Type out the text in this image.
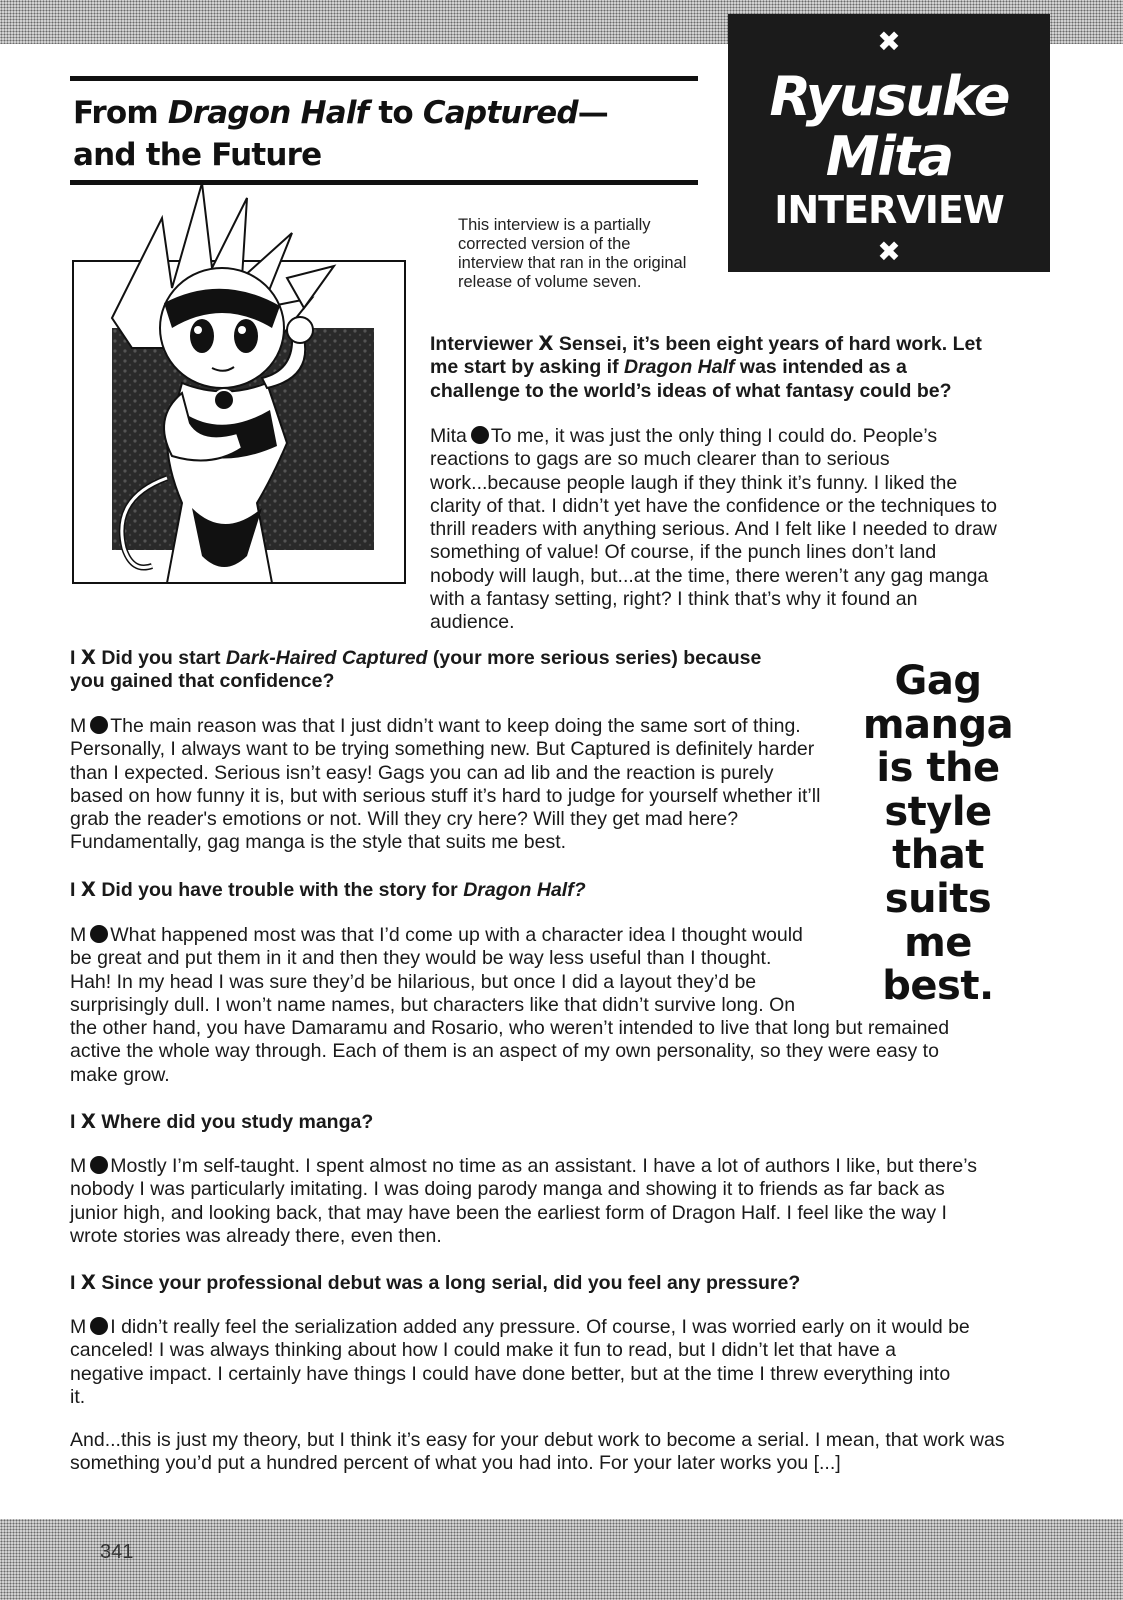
From Dragon Half to Captured—
and the Future
✖
Ryusuke
Mita
INTERVIEW
✖
This interview is a partially corrected version of the interview that ran in the original release of volume seven.

Interviewer X Sensei, it’s been eight years of hard work. Let me start by asking if Dragon Half was intended as a challenge to the world’s ideas of what fantasy could be?

Mita To me, it was just the only thing I could do. People’s reactions to gags are so much clearer than to serious work...because people laugh if they think it’s funny. I liked the clarity of that. I didn’t yet have the confidence or the techniques to thrill readers with anything serious. And I felt like I needed to draw something of value! Of course, if the punch lines don’t land nobody will laugh, but...at the time, there weren’t any gag manga with a fantasy setting, right? I think that’s why it found an audience.

I X Did you start Dark-Haired Captured (your more serious series) because you gained that confidence?

M The main reason was that I just didn’t want to keep doing the same sort of thing. Personally, I always want to be trying something new. But Captured is definitely harder than I expected. Serious isn’t easy! Gags you can ad lib and the reaction is purely based on how funny it is, but with serious stuff it’s hard to judge for yourself whether it’ll grab the reader's emotions or not. Will they cry here? Will they get mad here? Fundamentally, gag manga is the style that suits me best.

I X Did you have trouble with the story for Dragon Half?

M What happened most was that I’d come up with a character idea I thought would be great and put them in it and then they would be way less useful than I thought. Hah! In my head I was sure they’d be hilarious, but once I did a layout they’d be surprisingly dull. I won’t name names, but characters like that didn’t survive long. On the other hand, you have Damaramu and Rosario, who weren’t intended to live that long but remained active the whole way through. Each of them is an aspect of my own personality, so they were easy to make grow.

I X Where did you study manga?

M Mostly I’m self-taught. I spent almost no time as an assistant. I have a lot of authors I like, but there’s nobody I was particularly imitating. I was doing parody manga and showing it to friends as far back as junior high, and looking back, that may have been the earliest form of Dragon Half. I feel like the way I wrote stories was already there, even then.

I X Since your professional debut was a long serial, did you feel any pressure?

M I didn’t really feel the serialization added any pressure. Of course, I was worried early on it would be canceled! I was always thinking about how I could make it fun to read, but I didn’t let that have a negative impact. I certainly have things I could have done better, but at the time I threw everything into it.

And...this is just my theory, but I think it’s easy for your debut work to become a serial. I mean, that work was something you’d put a hundred percent of what you had into. For your later works you [...]

Gag
manga
is the
style
that
suits
me
best.
341
